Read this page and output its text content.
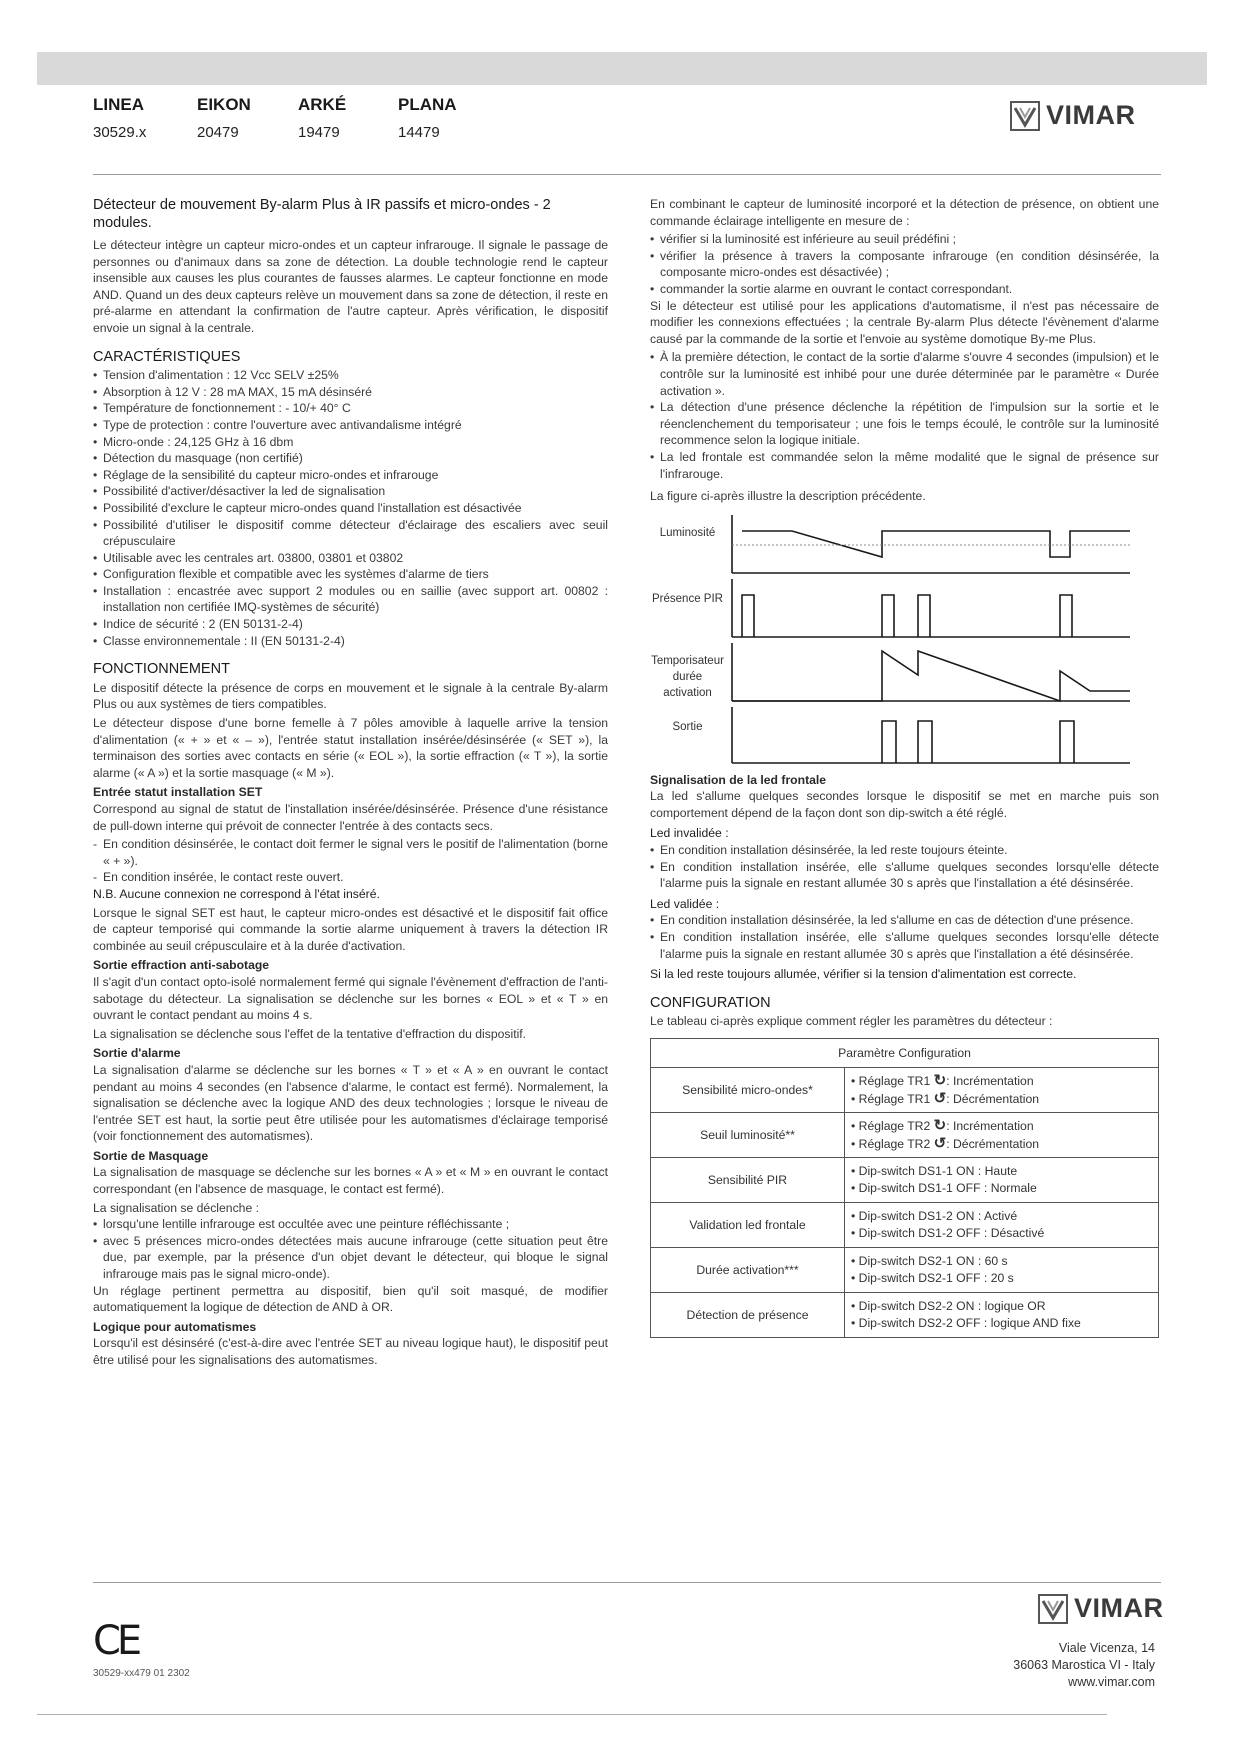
LINEA
30529.x
EIKON
20479
ARKÉ
19479
PLANA
14479
VIMAR
Détecteur de mouvement By-alarm Plus à IR passifs et micro-ondes - 2 modules.

Le détecteur intègre un capteur micro-ondes et un capteur infrarouge. Il signale le passage de personnes ou d'animaux dans sa zone de détection. La double technologie rend le capteur insensible aux causes les plus courantes de fausses alarmes. Le capteur fonctionne en mode AND. Quand un des deux capteurs relève un mouvement dans sa zone de détection, il reste en pré-alarme en attendant la confirmation de l'autre capteur. Après vérification, le dispositif envoie un signal à la centrale.

CARACTÉRISTIQUES
• Tension d'alimentation : 12 Vcc SELV ±25%
• Absorption à 12 V : 28 mA MAX, 15 mA désinséré
• Température de fonctionnement : - 10/+ 40° C
• Type de protection : contre l'ouverture avec antivandalisme intégré
• Micro-onde : 24,125 GHz à 16 dbm
• Détection du masquage (non certifié)
• Réglage de la sensibilité du capteur micro-ondes et infrarouge
• Possibilité d'activer/désactiver la led de signalisation
• Possibilité d'exclure le capteur micro-ondes quand l'installation est désactivée
• Possibilité d'utiliser le dispositif comme détecteur d'éclairage des escaliers avec seuil crépusculaire
• Utilisable avec les centrales art. 03800, 03801 et 03802
• Configuration flexible et compatible avec les systèmes d'alarme de tiers
• Installation : encastrée avec support 2 modules ou en saillie (avec support art. 00802 : installation non certifiée IMQ-systèmes de sécurité)
• Indice de sécurité : 2 (EN 50131-2-4)
• Classe environnementale : II (EN 50131-2-4)
FONCTIONNEMENT

Le dispositif détecte la présence de corps en mouvement et le signale à la centrale By-alarm Plus ou aux systèmes de tiers compatibles.

Le détecteur dispose d'une borne femelle à 7 pôles amovible à laquelle arrive la tension d'alimentation (« + » et « – »), l'entrée statut installation insérée/désinsérée (« SET »), la terminaison des sorties avec contacts en série (« EOL »), la sortie effraction (« T »), la sortie alarme (« A ») et la sortie masquage (« M »).

Entrée statut installation SET

Correspond au signal de statut de l'installation insérée/désinsérée. Présence d'une résistance de pull-down interne qui prévoit de connecter l'entrée à des contacts secs.

- En condition désinsérée, le contact doit fermer le signal vers le positif de l'alimentation (borne « + »).
- En condition insérée, le contact reste ouvert.

N.B. Aucune connexion ne correspond à l'état inséré.

Lorsque le signal SET est haut, le capteur micro-ondes est désactivé et le dispositif fait office de capteur temporisé qui commande la sortie alarme uniquement à travers la détection IR combinée au seuil crépusculaire et à la durée d'activation.

Sortie effraction anti-sabotage

Il s'agit d'un contact opto-isolé normalement fermé qui signale l'évènement d'effraction de l'anti-sabotage du détecteur. La signalisation se déclenche sur les bornes « EOL » et « T » en ouvrant le contact pendant au moins 4 s.

La signalisation se déclenche sous l'effet de la tentative d'effraction du dispositif.

Sortie d'alarme

La signalisation d'alarme se déclenche sur les bornes « T » et « A » en ouvrant le contact pendant au moins 4 secondes (en l'absence d'alarme, le contact est fermé). Normalement, la signalisation se déclenche avec la logique AND des deux technologies ; lorsque le niveau de l'entrée SET est haut, la sortie peut être utilisée pour les automatismes d'éclairage temporisé (voir fonctionnement des automatismes).

Sortie de Masquage

La signalisation de masquage se déclenche sur les bornes « A » et « M » en ouvrant le contact correspondant (en l'absence de masquage, le contact est fermé).

La signalisation se déclenche :

• lorsqu'une lentille infrarouge est occultée avec une peinture réfléchissante ;
• avec 5 présences micro-ondes détectées mais aucune infrarouge (cette situation peut être due, par exemple, par la présence d'un objet devant le détecteur, qui bloque le signal infrarouge mais pas le signal micro-onde).

Un réglage pertinent permettra au dispositif, bien qu'il soit masqué, de modifier automatiquement la logique de détection de AND à OR.

Logique pour automatismes

Lorsqu'il est désinséré (c'est-à-dire avec l'entrée SET au niveau logique haut), le dispositif peut être utilisé pour les signalisations des automatismes.

En combinant le capteur de luminosité incorporé et la détection de présence, on obtient une commande éclairage intelligente en mesure de :

• vérifier si la luminosité est inférieure au seuil prédéfini ;
• vérifier la présence à travers la composante infrarouge (en condition désinsérée, la composante micro-ondes est désactivée) ;
• commander la sortie alarme en ouvrant le contact correspondant.

Si le détecteur est utilisé pour les applications d'automatisme, il n'est pas nécessaire de modifier les connexions effectuées ; la centrale By-alarm Plus détecte l'évènement d'alarme causé par la commande de la sortie et l'envoie au système domotique By-me Plus.

• À la première détection, le contact de la sortie d'alarme s'ouvre 4 secondes (impulsion) et le contrôle sur la luminosité est inhibé pour une durée déterminée par le paramètre « Durée activation ».
• La détection d'une présence déclenche la répétition de l'impulsion sur la sortie et le réenclenchement du temporisateur ; une fois le temps écoulé, le contrôle sur la luminosité recommence selon la logique initiale.
• La led frontale est commandée selon la même modalité que le signal de présence sur l'infrarouge.

La figure ci-après illustre la description précédente.

Luminosité
Présence PIR
Temporisateur durée activation
Sortie
Signalisation de la led frontale

La led s'allume quelques secondes lorsque le dispositif se met en marche puis son comportement dépend de la façon dont son dip-switch a été réglé.

Led invalidée :

• En condition installation désinsérée, la led reste toujours éteinte.
• En condition installation insérée, elle s'allume quelques secondes lorsqu'elle détecte l'alarme puis la signale en restant allumée 30 s après que l'installation a été désinsérée.

Led validée :

• En condition installation désinsérée, la led s'allume en cas de détection d'une présence.
• En condition installation insérée, elle s'allume quelques secondes lorsqu'elle détecte l'alarme puis la signale en restant allumée 30 s après que l'installation a été désinsérée.

Si la led reste toujours allumée, vérifier si la tension d'alimentation est correcte.

CONFIGURATION

Le tableau ci-après explique comment régler les paramètres du détecteur :

Paramètre Configuration	
Sensibilité micro-ondes*	• Réglage TR1 ↻: Incrémentation
• Réglage TR1 ↺: Décrémentation

Seuil luminosité**	• Réglage TR2 ↻: Incrémentation
• Réglage TR2 ↺: Décrémentation

Sensibilité PIR	• Dip-switch DS1-1 ON : Haute
• Dip-switch DS1-1 OFF : Normale

Validation led frontale	• Dip-switch DS1-2 ON : Activé
• Dip-switch DS1-2 OFF : Désactivé

Durée activation***	• Dip-switch DS2-1 ON : 60 s
• Dip-switch DS2-1 OFF : 20 s

Détection de présence	• Dip-switch DS2-2 ON : logique OR
• Dip-switch DS2-2 OFF : logique AND fixe
CE
30529-xx479 01 2302
VIMAR
Viale Vicenza, 14
36063 Marostica VI - Italy
www.vimar.com
